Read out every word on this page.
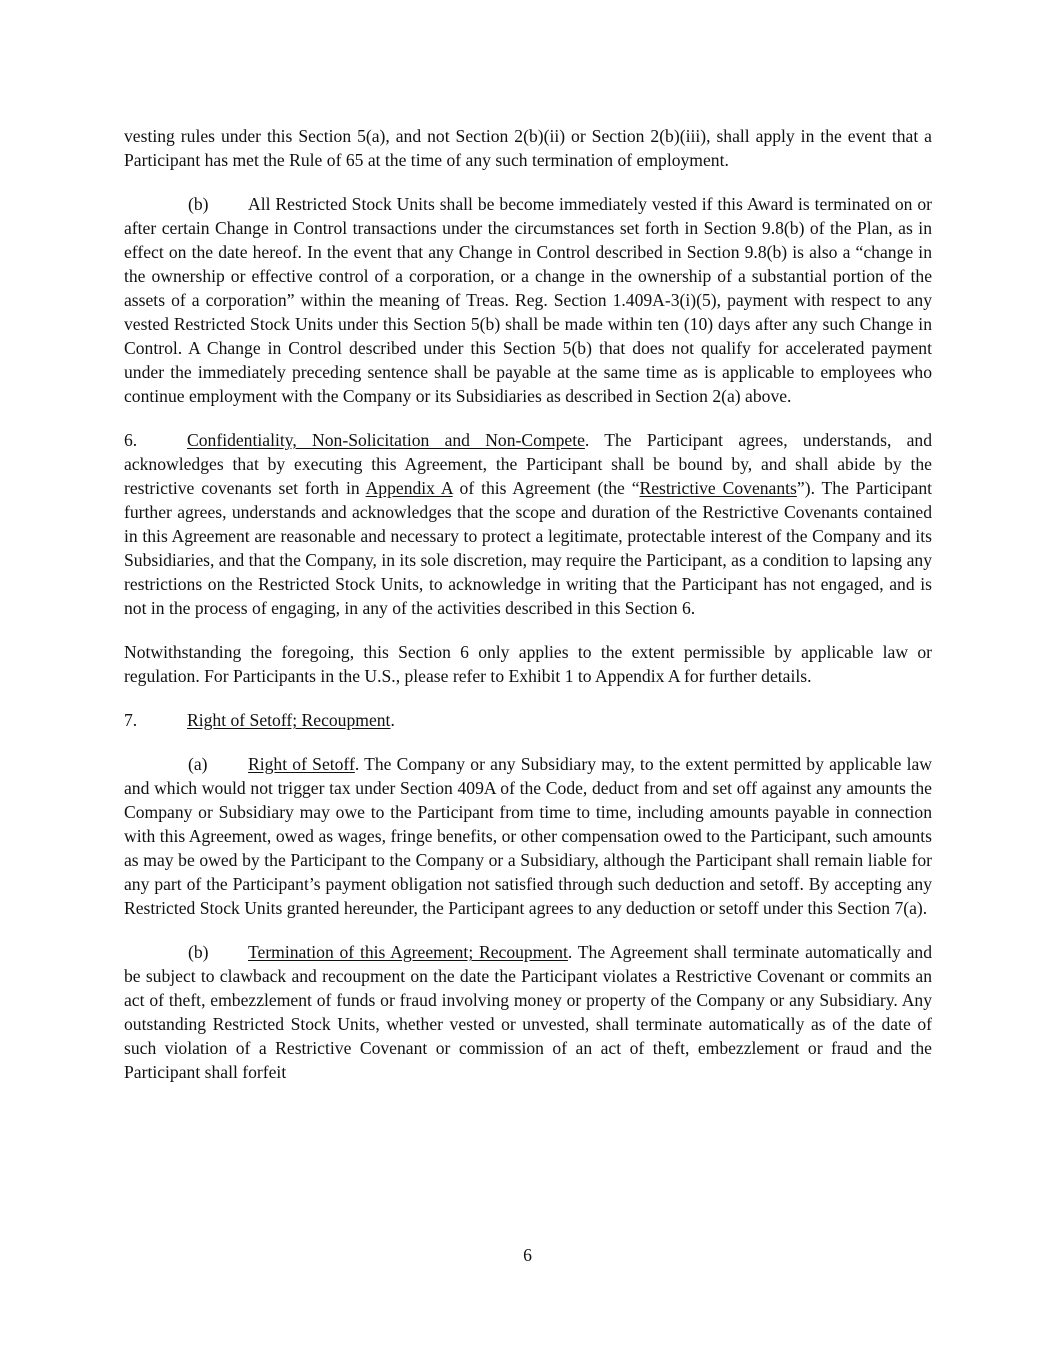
vesting rules under this Section 5(a), and not Section 2(b)(ii) or Section 2(b)(iii), shall apply in the event that a Participant has met the Rule of 65 at the time of any such termination of employment.

(b) All Restricted Stock Units shall be become immediately vested if this Award is terminated on or after certain Change in Control transactions under the circumstances set forth in Section 9.8(b) of the Plan, as in effect on the date hereof. In the event that any Change in Control described in Section 9.8(b) is also a “change in the ownership or effective control of a corporation, or a change in the ownership of a substantial portion of the assets of a corporation” within the meaning of Treas. Reg. Section 1.409A-3(i)(5), payment with respect to any vested Restricted Stock Units under this Section 5(b) shall be made within ten (10) days after any such Change in Control. A Change in Control described under this Section 5(b) that does not qualify for accelerated payment under the immediately preceding sentence shall be payable at the same time as is applicable to employees who continue employment with the Company or its Subsidiaries as described in Section 2(a) above.

6.	Confidentiality, Non-Solicitation and Non-Compete. The Participant agrees, understands, and acknowledges that by executing this Agreement, the Participant shall be bound by, and shall abide by the restrictive covenants set forth in Appendix A of this Agreement (the “Restrictive Covenants”). The Participant further agrees, understands and acknowledges that the scope and duration of the Restrictive Covenants contained in this Agreement are reasonable and necessary to protect a legitimate, protectable interest of the Company and its Subsidiaries, and that the Company, in its sole discretion, may require the Participant, as a condition to lapsing any restrictions on the Restricted Stock Units, to acknowledge in writing that the Participant has not engaged, and is not in the process of engaging, in any of the activities described in this Section 6.

Notwithstanding the foregoing, this Section 6 only applies to the extent permissible by applicable law or regulation. For Participants in the U.S., please refer to Exhibit 1 to Appendix A for further details.

7.	Right of Setoff; Recoupment.

(a) Right of Setoff. The Company or any Subsidiary may, to the extent permitted by applicable law and which would not trigger tax under Section 409A of the Code, deduct from and set off against any amounts the Company or Subsidiary may owe to the Participant from time to time, including amounts payable in connection with this Agreement, owed as wages, fringe benefits, or other compensation owed to the Participant, such amounts as may be owed by the Participant to the Company or a Subsidiary, although the Participant shall remain liable for any part of the Participant’s payment obligation not satisfied through such deduction and setoff. By accepting any Restricted Stock Units granted hereunder, the Participant agrees to any deduction or setoff under this Section 7(a).

(b) Termination of this Agreement; Recoupment. The Agreement shall terminate automatically and be subject to clawback and recoupment on the date the Participant violates a Restrictive Covenant or commits an act of theft, embezzlement of funds or fraud involving money or property of the Company or any Subsidiary. Any outstanding Restricted Stock Units, whether vested or unvested, shall terminate automatically as of the date of such violation of a Restrictive Covenant or commission of an act of theft, embezzlement or fraud and the Participant shall forfeit

6
